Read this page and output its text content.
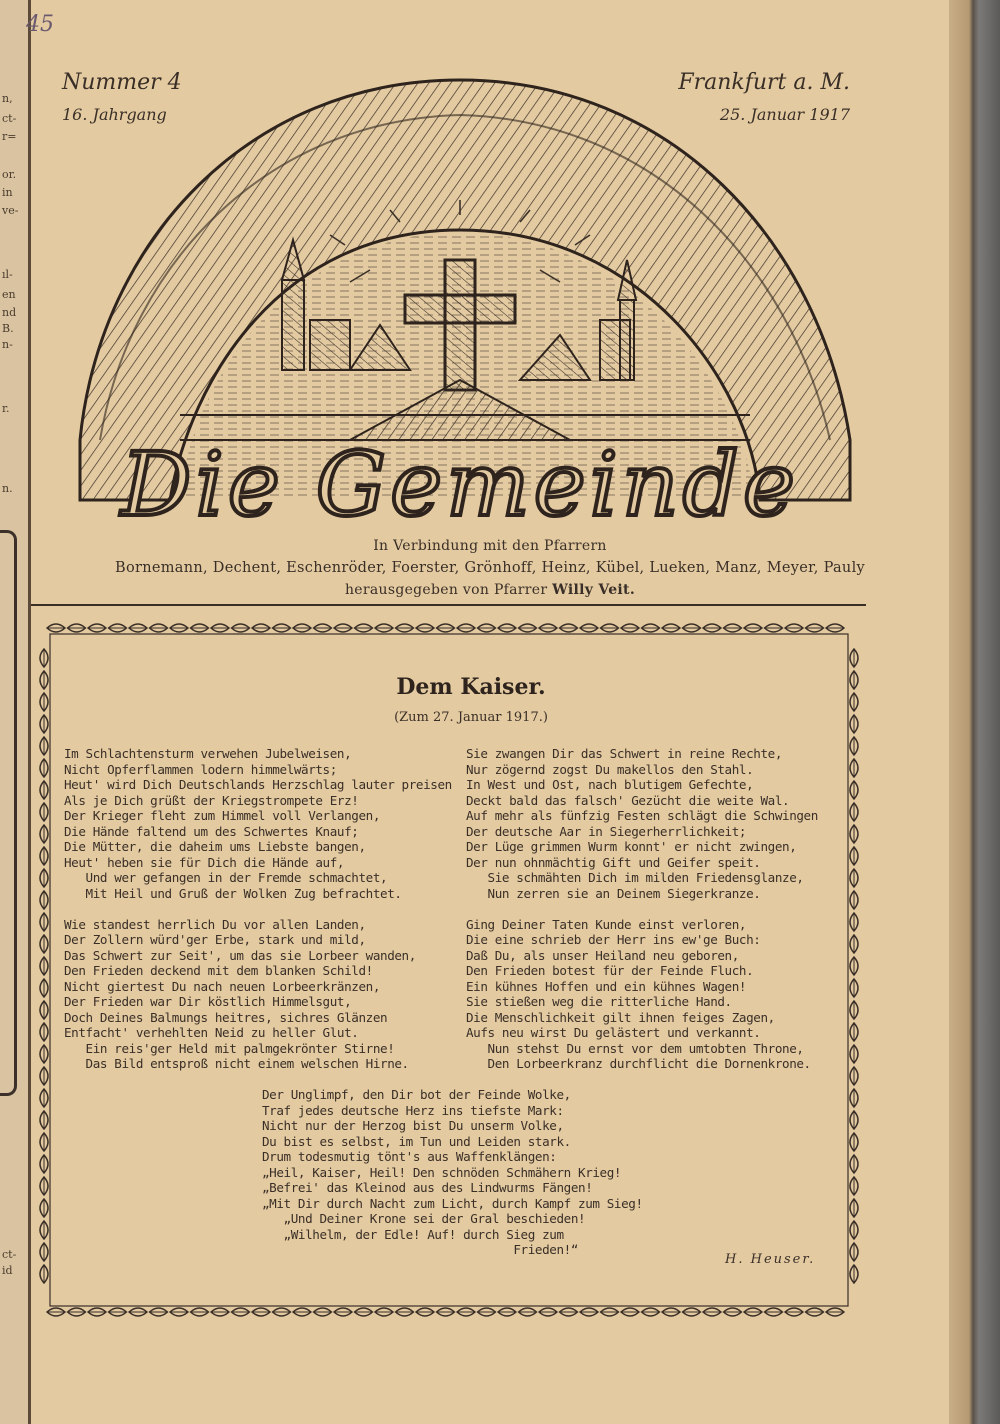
n,
ct-
r=
or.
in
ve-
ıl-
en
nd
B.
n-
r.
n.
ct-
id
45
Nummer 4
16. Jahrgang
Frankfurt a. M.
25. Januar 1917
Die Gemeinde
In Verbindung mit den Pfarrern
Bornemann, Dechent, Eschenröder, Foerster, Grönhoff, Heinz, Kübel, Lueken, Manz, Meyer, Pauly
herausgegeben von Pfarrer Willy Veit.
Dem Kaiser.
(Zum 27. Januar 1917.)
Im Schlachtensturm verwehen Jubelweisen,
Nicht Opferflammen lodern himmelwärts;
Heut' wird Dich Deutschlands Herzschlag lauter preisen
Als je Dich grüßt der Kriegstrompete Erz!
Der Krieger fleht zum Himmel voll Verlangen,
Die Hände faltend um des Schwertes Knauf;
Die Mütter, die daheim ums Liebste bangen,
Heut' heben sie für Dich die Hände auf,
Und wer gefangen in der Fremde schmachtet,
Mit Heil und Gruß der Wolken Zug befrachtet.

Wie standest herrlich Du vor allen Landen,
Der Zollern würd'ger Erbe, stark und mild,
Das Schwert zur Seit', um das sie Lorbeer wanden,
Den Frieden deckend mit dem blanken Schild!
Nicht giertest Du nach neuen Lorbeerkränzen,
Der Frieden war Dir köstlich Himmelsgut,
Doch Deines Balmungs heitres, sichres Glänzen
Entfacht' verhehlten Neid zu heller Glut.
Ein reis'ger Held mit palmgekrönter Stirne!
Das Bild entsproß nicht einem welschen Hirne.
Sie zwangen Dir das Schwert in reine Rechte,
Nur zögernd zogst Du makellos den Stahl.
In West und Ost, nach blutigem Gefechte,
Deckt bald das falsch' Gezücht die weite Wal.
Auf mehr als fünfzig Festen schlägt die Schwingen
Der deutsche Aar in Siegerherrlichkeit;
Der Lüge grimmen Wurm konnt' er nicht zwingen,
Der nun ohnmächtig Gift und Geifer speit.
Sie schmähten Dich im milden Friedensglanze,
Nun zerren sie an Deinem Siegerkranze.

Ging Deiner Taten Kunde einst verloren,
Die eine schrieb der Herr ins ew'ge Buch:
Daß Du, als unser Heiland neu geboren,
Den Frieden botest für der Feinde Fluch.
Ein kühnes Hoffen und ein kühnes Wagen!
Sie stießen weg die ritterliche Hand.
Die Menschlichkeit gilt ihnen feiges Zagen,
Aufs neu wirst Du gelästert und verkannt.
Nun stehst Du ernst vor dem umtobten Throne,
Den Lorbeerkranz durchflicht die Dornenkrone.
Der Unglimpf, den Dir bot der Feinde Wolke,
Traf jedes deutsche Herz ins tiefste Mark:
Nicht nur der Herzog bist Du unserm Volke,
Du bist es selbst, im Tun und Leiden stark.
Drum todesmutig tönt's aus Waffenklängen:
„Heil, Kaiser, Heil! Den schnöden Schmähern Krieg!
„Befrei' das Kleinod aus des Lindwurms Fängen!
„Mit Dir durch Nacht zum Licht, durch Kampf zum Sieg!
„Und Deiner Krone sei der Gral beschieden!
„Wilhelm, der Edle! Auf! durch Sieg zum
Frieden!“
H. Heuser.
